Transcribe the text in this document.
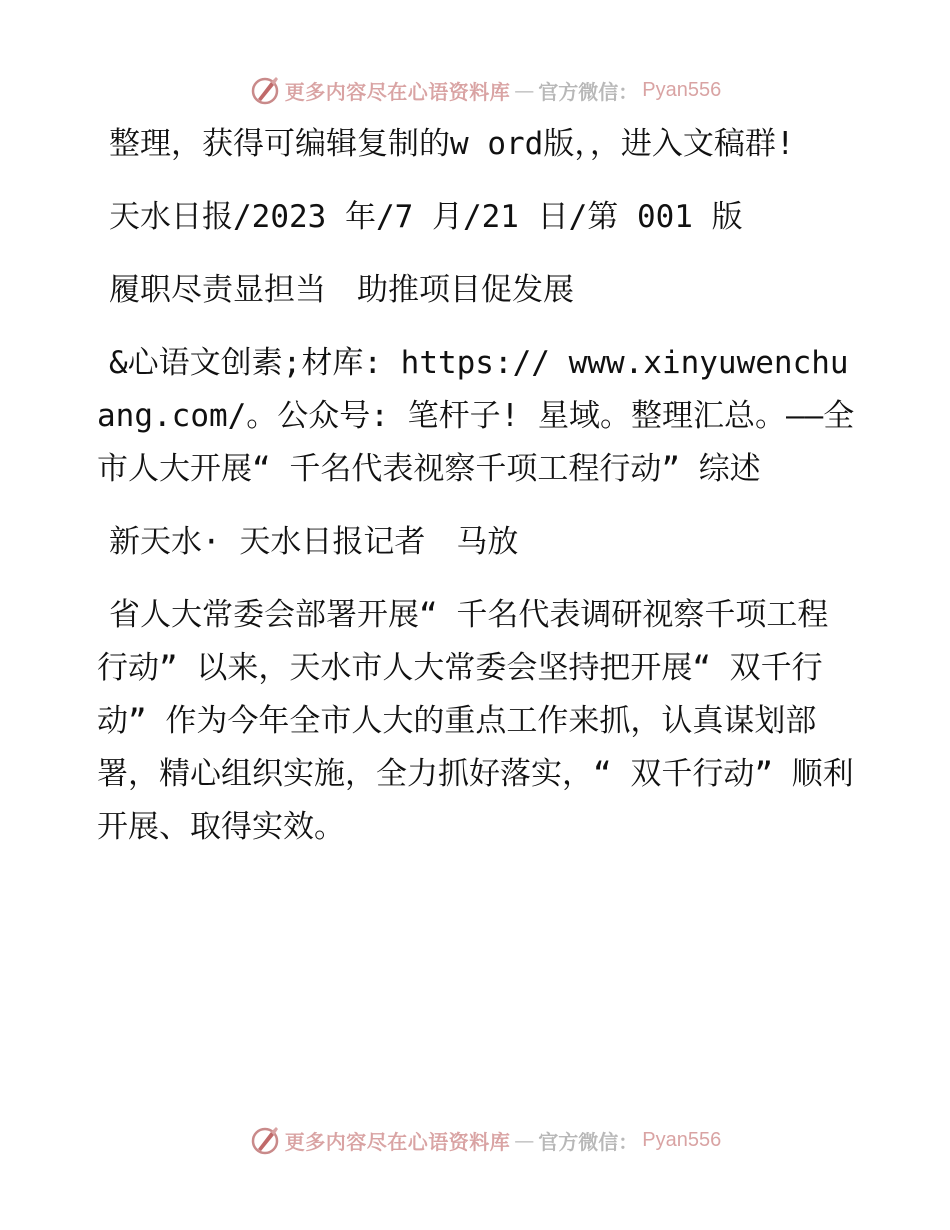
更多内容尽在心语资料库 — 官方微信： Pyan556

整理，获得可编辑复制的w ord版，，进入文稿群!

天水日报/2023 年/7 月/21 日/第 001 版

履职尽责显担当　助推项目促发展

&心语文创素;材库: https:// www.xinyuwenchuang.com/。公众号: 笔杆子! 星域。整理汇总。——全市人大开展“ 千名代表视察千项工程行动” 综述

新天水· 天水日报记者　马放

省人大常委会部署开展“ 千名代表调研视察千项工程行动” 以来，天水市人大常委会坚持把开展“ 双千行动” 作为今年全市人大的重点工作来抓，认真谋划部署，精心组织实施，全力抓好落实，“ 双千行动” 顺利开展、取得实效。

更多内容尽在心语资料库 — 官方微信： Pyan556
